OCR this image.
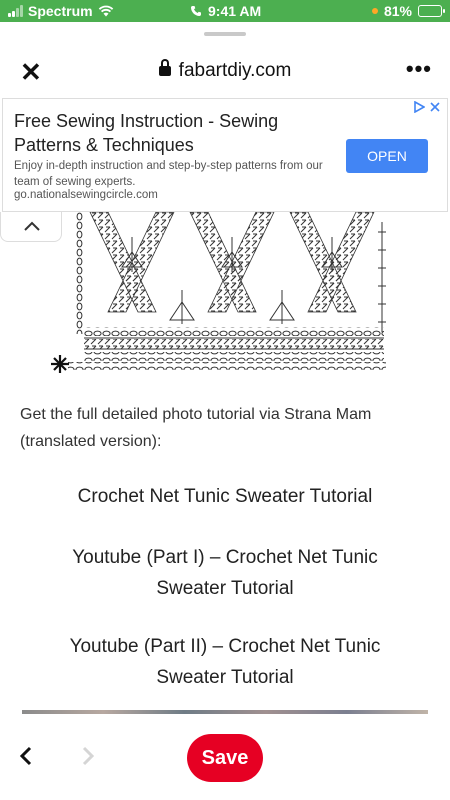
Spectrum	9:41 AM	81%
✕	fabartdiy.com	•••
Free Sewing Instruction - Sewing Patterns & Techniques
Enjoy in-depth instruction and step-by-step patterns from our team of sewing experts.
go.nationalsewingcircle.com
OPEN

Get the full detailed photo tutorial via Strana Mam (translated version):

Crochet Net Tunic Sweater Tutorial
Youtube (Part I) – Crochet Net Tunic Sweater Tutorial
Youtube (Part II) – Crochet Net Tunic Sweater Tutorial
Save
